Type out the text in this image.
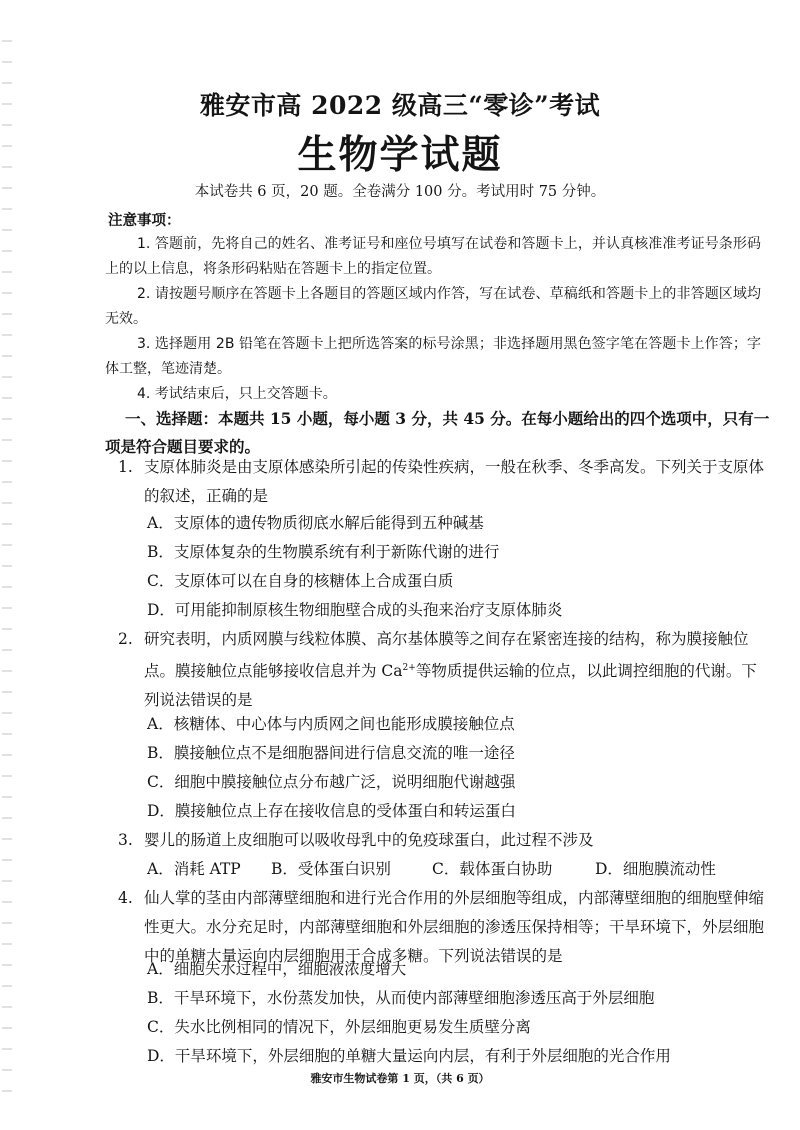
雅安市高 2022 级高三“零诊”考试
生物学试题
本试卷共 6 页，20 题。全卷满分 100 分。考试用时 75 分钟。
注意事项：
1. 答题前，先将自己的姓名、准考证号和座位号填写在试卷和答题卡上，并认真核准准考证号条形码上的以上信息，将条形码粘贴在答题卡上的指定位置。
2. 请按题号顺序在答题卡上各题目的答题区域内作答，写在试卷、草稿纸和答题卡上的非答题区域均无效。
3. 选择题用 2B 铅笔在答题卡上把所选答案的标号涂黑；非选择题用黑色签字笔在答题卡上作答；字体工整，笔迹清楚。
4. 考试结束后，只上交答题卡。
一、选择题：本题共 15 小题，每小题 3 分，共 45 分。在每小题给出的四个选项中，只有一项是符合题目要求的。
1. 支原体肺炎是由支原体感染所引起的传染性疾病，一般在秋季、冬季高发。下列关于支原体的叙述，正确的是
A．支原体的遗传物质彻底水解后能得到五种碱基
B．支原体复杂的生物膜系统有利于新陈代谢的进行
C．支原体可以在自身的核糖体上合成蛋白质
D．可用能抑制原核生物细胞壁合成的头孢来治疗支原体肺炎
2. 研究表明，内质网膜与线粒体膜、高尔基体膜等之间存在紧密连接的结构，称为膜接触位点。膜接触位点能够接收信息并为 $Ca^{2+}$等物质提供运输的位点，以此调控细胞的代谢。下列说法错误的是
A．核糖体、中心体与内质网之间也能形成膜接触位点
B．膜接触位点不是细胞器间进行信息交流的唯一途径
C．细胞中膜接触位点分布越广泛，说明细胞代谢越强
D．膜接触位点上存在接收信息的受体蛋白和转运蛋白
3. 婴儿的肠道上皮细胞可以吸收母乳中的免疫球蛋白，此过程不涉及
A．消耗 ATP B．受体蛋白识别	C．载体蛋白协助	D．细胞膜流动性
4. 仙人掌的茎由内部薄壁细胞和进行光合作用的外层细胞等组成，内部薄壁细胞的细胞壁伸缩性更大。水分充足时，内部薄壁细胞和外层细胞的渗透压保持相等；干旱环境下，外层细胞中的单糖大量运向内层细胞用于合成多糖。下列说法错误的是
A．细胞失水过程中，细胞液浓度增大
B．干旱环境下，水份蒸发加快，从而使内部薄壁细胞渗透压高于外层细胞
C．失水比例相同的情况下，外层细胞更易发生质壁分离
D．干旱环境下，外层细胞的单糖大量运向内层，有利于外层细胞的光合作用
雅安市生物试卷第 1 页，（共 6 页）
